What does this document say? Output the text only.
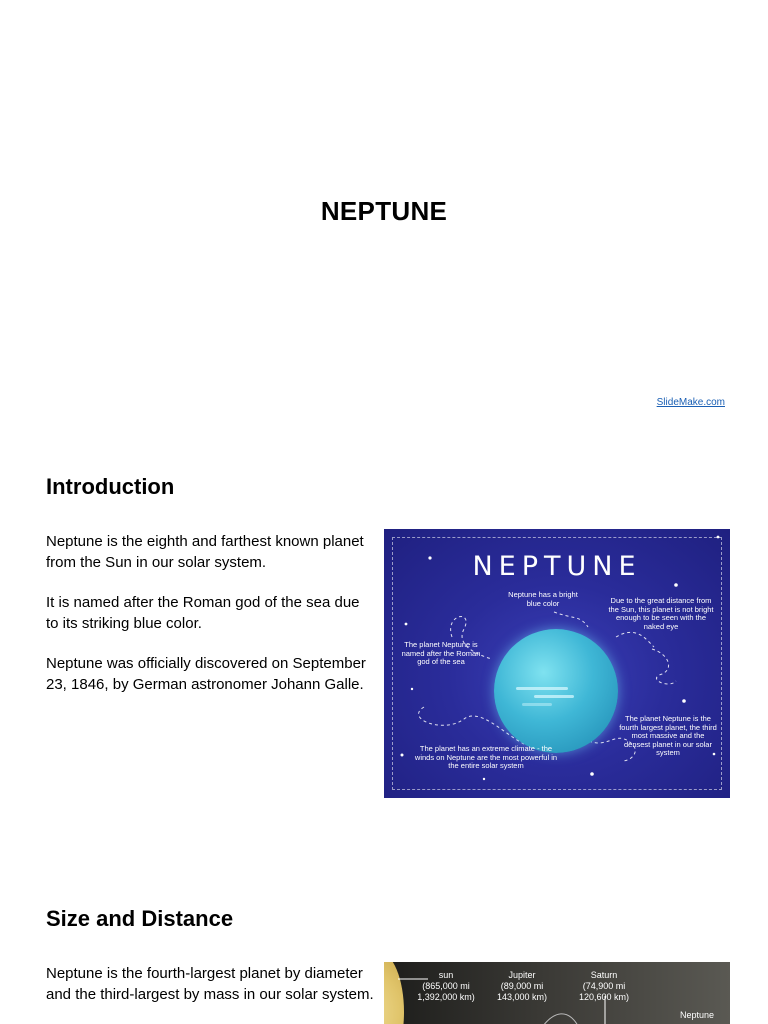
NEPTUNE
SlideMake.com
Introduction

Neptune is the eighth and farthest known planet from the Sun in our solar system.

It is named after the Roman god of the sea due to its striking blue color.

Neptune was officially discovered on September 23, 1846, by German astronomer Johann Galle.

NEPTUNE
Neptune has a bright blue color	Due to the great distance from the Sun, this planet is not bright enough to be seen with the naked eye
The planet Neptune is named after the Roman god of the sea
The planet Neptune is the fourth largest planet, the third most massive and the densest planet in our solar system
The planet has an extreme climate - the winds on Neptune are the most powerful in the entire solar system
Size and Distance

Neptune is the fourth-largest planet by diameter and the third-largest by mass in our solar system.

sun
(865,000 mi
1,392,000 km)
Jupiter
(89,000 mi
143,000 km)
Saturn
(74,900 mi
120,600 km)
Neptune
